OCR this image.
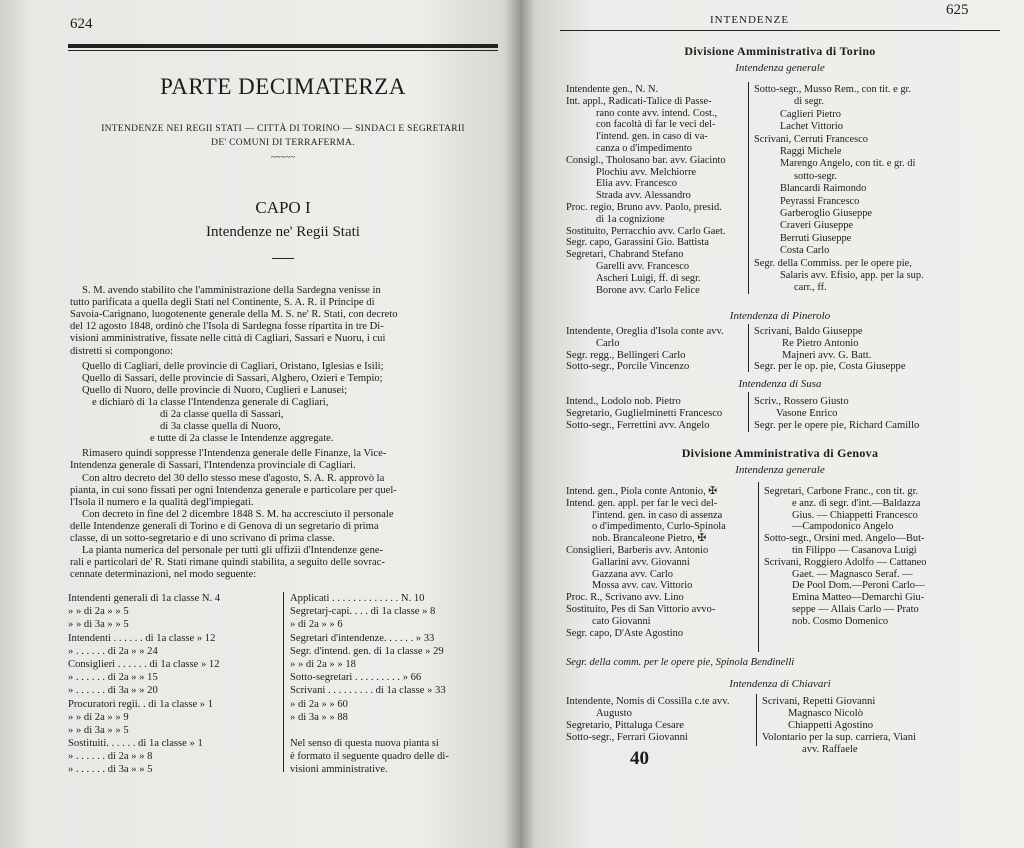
624
PARTE DECIMATERZA
INTENDENZE NEI REGII STATI — CITTÀ DI TORINO — SINDACI E SEGRETARII
DE' COMUNI DI TERRAFERMA.
~~~~~
CAPO I
Intendenze ne' Regii Stati
S. M. avendo stabilito che l'amministrazione della Sardegna venisse in
tutto parificata a quella degli Stati nel Continente, S. A. R. il Principe di
Savoia-Carignano, luogotenente generale della M. S. ne' R. Stati, con decreto
del 12 agosto 1848, ordinò che l'Isola di Sardegna fosse ripartita in tre Di-
visioni amministrative, fissate nelle città di Cagliari, Sassari e Nuoru, i cui
distretti si compongono:
Quello di Cagliari, delle provincie di Cagliari, Oristano, Iglesias e Isili;
Quello di Sassari, delle provincie di Sassari, Alghero, Ozieri e Tempio;
Quello di Nuoro, delle provincie di Nuoro, Cuglieri e Lanusei;
e dichiarò di 1a classe l'Intendenza generale di Cagliari,
di 2a classe quella di Sassari,
di 3a classe quella di Nuoro,
e tutte di 2a classe le Intendenze aggregate.
Rimasero quindi soppresse l'Intendenza generale delle Finanze, la Vice-
Intendenza generale di Sassari, l'Intendenza provinciale di Cagliari.
Con altro decreto del 30 dello stesso mese d'agosto, S. A. R. approvò la
pianta, in cui sono fissati per ogni Intendenza generale e particolare per quel-
l'Isola il numero e la qualità degl'impiegati.
Con decreto in fine del 2 dicembre 1848 S. M. ha accresciuto il personale
delle Intendenze generali di Torino e di Genova di un segretario di prima
classe, di un sotto-segretario e di uno scrivano di prima classe.
La pianta numerica del personale per tutti gli uffizii d'Intendenze gene-
rali e particolari de' R. Stati rimane quindi stabilita, a seguito delle sovrac-
cennate determinazioni, nel modo seguente:
Intendenti generali di 1a classe N. 4
» » di 2a » » 5
» » di 3a » » 5
Intendenti . . . . . . di 1a classe » 12
» . . . . . . di 2a » » 24
Consiglieri . . . . . . di 1a classe » 12
» . . . . . . di 2a » » 15
» . . . . . . di 3a » » 20
Procuratori regii. . di 1a classe » 1
» » di 2a » » 9
» » di 3a » » 5
Sostituiti. . . . . . di 1a classe » 1
» . . . . . . di 2a » » 8
» . . . . . . di 3a » » 5
Applicati . . . . . . . . . . . . . N. 10
Segretarj-capi. . . . di 1a classe » 8
» di 2a » » 6
Segretari d'intendenze. . . . . . » 33
Segr. d'intend. gen. di 1a classe » 29
» » di 2a » » 18
Sotto-segretari . . . . . . . . . » 66
Scrivani . . . . . . . . . di 1a classe » 33
» di 2a » » 60
» di 3a » » 88
Nel senso di questa nuova pianta si
è formato il seguente quadro delle di-
visioni amministrative.
INTENDENZE
625
Divisione Amministrativa di Torino
Intendenza generale
Intendente gen., N. N.
Int. appl., Radicati-Talice di Passe-
rano conte avv. intend. Cost.,
con facoltà di far le veci del-
l'intend. gen. in caso di va-
canza o d'impedimento
Consigl., Tholosano bar. avv. Giacinto
Plochiu avv. Melchiorre
Elia avv. Francesco
Strada avv. Alessandro
Proc. regio, Bruno avv. Paolo, presid.
di 1a cognizione
Sostituito, Perracchio avv. Carlo Gaet.
Segr. capo, Garassini Gio. Battista
Segretari, Chabrand Stefano
Garelli avv. Francesco
Ascheri Luigi, ff. di segr.
Borone avv. Carlo Felice
Sotto-segr., Musso Rem., con tit. e gr.
di segr.
Caglieri Pietro
Lachet Vittorio
Scrivani, Cerruti Francesco
Raggi Michele
Marengo Angelo, con tit. e gr. di
sotto-segr.
Blancardi Raimondo
Peyrassi Francesco
Garberoglio Giuseppe
Craveri Giuseppe
Berruti Giuseppe
Costa Carlo
Segr. della Commiss. per le opere pie,
Salaris avv. Efisio, app. per la sup.
carr., ff.
Intendenza di Pinerolo
Intendente, Oreglia d'Isola conte avv.
Carlo
Segr. regg., Bellingeri Carlo
Sotto-segr., Porcile Vincenzo
Scrivani, Baldo Giuseppe
Re Pietro Antonio
Majneri avv. G. Batt.
Segr. per le op. pie, Costa Giuseppe
Intendenza di Susa
Intend., Lodolo nob. Pietro
Segretario, Guglielminetti Francesco
Sotto-segr., Ferrettini avv. Angelo
Scriv., Rossero Giusto
Vasone Enrico
Segr. per le opere pie, Richard Camillo
Divisione Amministrativa di Genova
Intendenza generale
Intend. gen., Piola conte Antonio, ✠
Intend. gen. appl. per far le veci del-
l'intend. gen. in caso di assenza
o d'impedimento, Curlo-Spinola
nob. Brancaleone Pietro, ✠
Consiglieri, Barberis avv. Antonio
Gallarini avv. Giovanni
Gazzana avv. Carlo
Mossa avv. cav. Vittorio
Proc. R., Scrivano avv. Lino
Sostituito, Pes di San Vittorio avvo-
cato Giovanni
Segr. capo, D'Aste Agostino
Segretari, Carbone Franc., con tit. gr.
e anz. di segr. d'int.—Baldazza
Gius. — Chiappetti Francesco
—Campodonico Angelo
Sotto-segr., Orsini med. Angelo—But-
tin Filippo — Casanova Luigi
Scrivani, Roggiero Adolfo — Cattaneo
Gaet. — Magnasco Seraf. —
De Pool Dom.—Peroni Carlo—
Emina Matteo—Demarchi Giu-
seppe — Allais Carlo — Prato
nob. Cosmo Domenico
Segr. della comm. per le opere pie, Spinola Bendinelli
Intendenza di Chiavari
Intendente, Nomis di Cossilla c.te avv.
Augusto
Segretario, Pittaluga Cesare
Sotto-segr., Ferrari Giovanni
Scrivani, Repetti Giovanni
Magnasco Nicolò
Chiappetti Agostino
Volontario per la sup. carriera, Viani
avv. Raffaele
40
